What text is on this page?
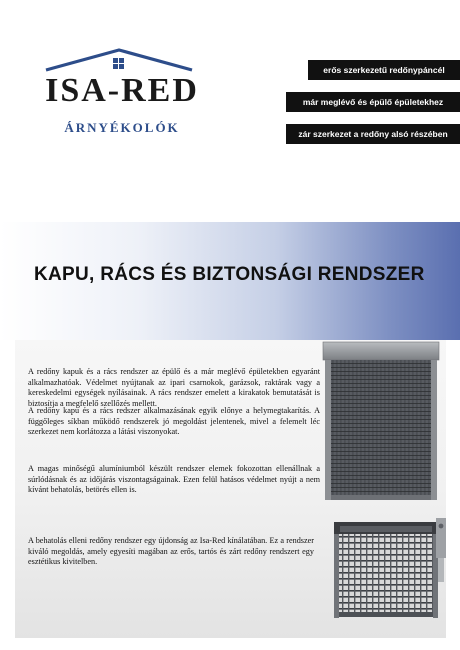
ISA-RED
ÁRNYÉKOLÓK
erős szerkezetű redőnypáncél
már meglévő és épülő épületekhez
zár szerkezet a redőny alsó részében
KAPU, RÁCS ÉS BIZTONSÁGI RENDSZER

A redőny kapuk és a rács rendszer az épülő és a már meglévő épületekben egyaránt alkalmazhatóak. Védelmet nyújtanak az ipari csarnokok, garázsok, raktárak vagy a kereskedelmi egységek nyílásainak. A rács rendszer emelett a kirakatok bemutatását is biztosítja a megfelelő szellőzés mellett.

A redőny kapu és a rács redszer alkalmazásának egyik előnye a helymegtakarítás. A függőleges síkban működő rendszerek jó megoldást jelentenek, mivel a felemelt léc szerkezet nem korlátozza a látási viszonyokat.

A magas minőségű alumíniumból készült rendszer elemek fokozottan ellenállnak a súrlódásnak és az időjárás viszontagságainak. Ezen felül hatásos védelmet nyújt a nem kívánt behatolás, betörés ellen is.

A behatolás elleni redőny rendszer egy újdonság az Isa-Red kínálatában. Ez a rendszer kiváló megoldás, amely egyesíti magában az erős, tartós és zárt redőny rendszert egy esztétikus kivitelben.
